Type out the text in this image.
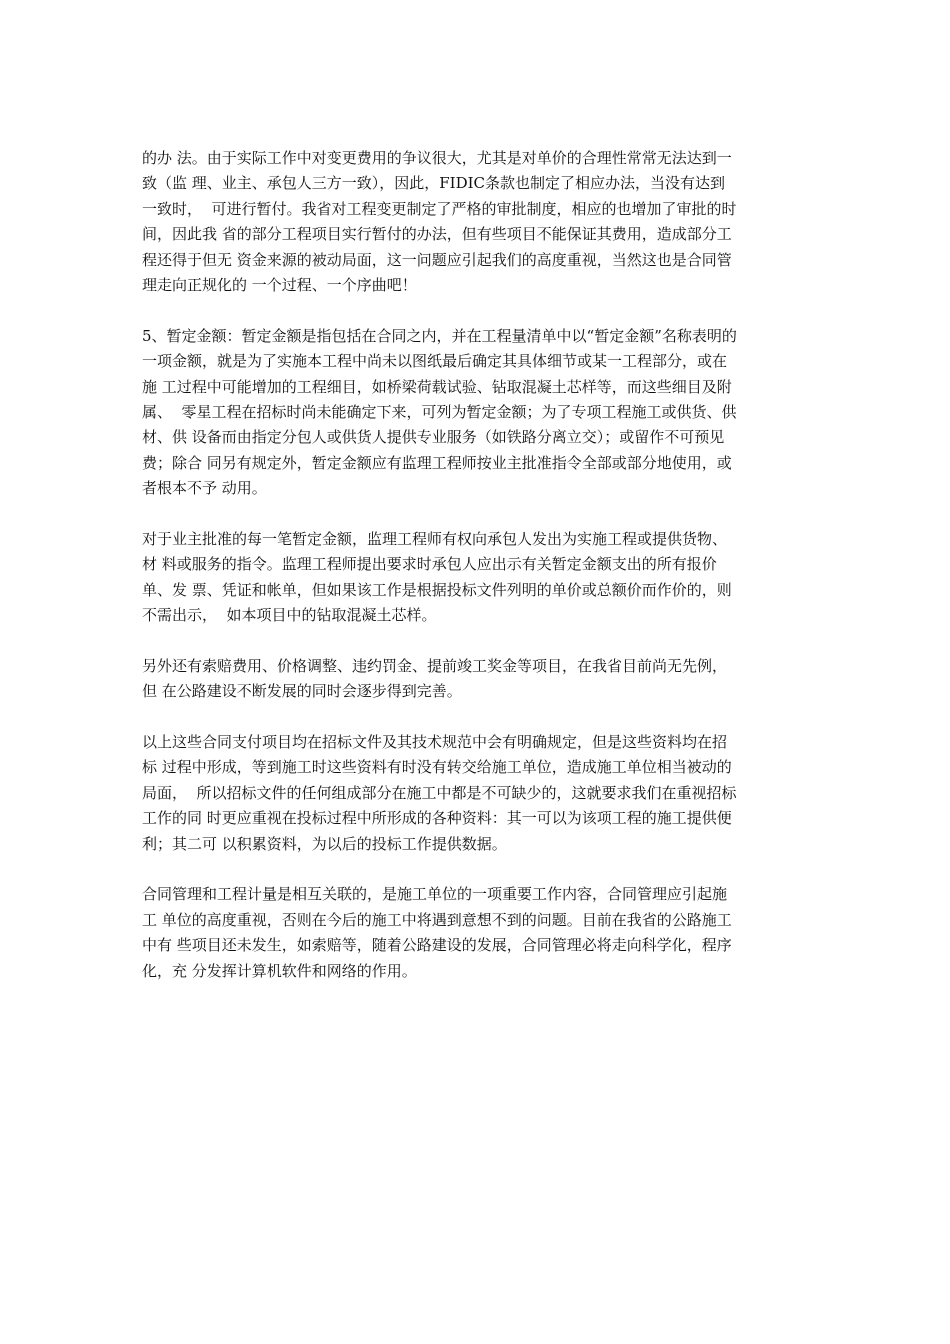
的办 法。由于实际工作中对变更费用的争议很大，尤其是对单价的合理性常常无法达到一
致（监 理、业主、承包人三方一致），因此，FIDIC条款也制定了相应办法，当没有达到
一致时，  可进行暂付。我省对工程变更制定了严格的审批制度，相应的也增加了审批的时
间，因此我 省的部分工程项目实行暂付的办法，但有些项目不能保证其费用，造成部分工
程还得于但无 资金来源的被动局面，这一问题应引起我们的高度重视，当然这也是合同管
理走向正规化的 一个过程、一个序曲吧！

5、暂定金额：暂定金额是指包括在合同之内，并在工程量清单中以“暂定金额”名称表明的
一项金额，就是为了实施本工程中尚未以图纸最后确定其具体细节或某一工程部分，或在
施 工过程中可能增加的工程细目，如桥梁荷载试验、钻取混凝土芯样等，而这些细目及附
属、  零星工程在招标时尚未能确定下来，可列为暂定金额；为了专项工程施工或供货、供
材、供 设备而由指定分包人或供货人提供专业服务（如铁路分离立交）；或留作不可预见
费；除合 同另有规定外，暂定金额应有监理工程师按业主批准指令全部或部分地使用，或
者根本不予 动用。

对于业主批准的每一笔暂定金额，监理工程师有权向承包人发出为实施工程或提供货物、
材 料或服务的指令。监理工程师提出要求时承包人应出示有关暂定金额支出的所有报价
单、发 票、凭证和帐单，但如果该工作是根据投标文件列明的单价或总额价而作价的，则
不需出示，  如本项目中的钻取混凝土芯样。

另外还有索赔费用、价格调整、违约罚金、提前竣工奖金等项目，在我省目前尚无先例，
但 在公路建设不断发展的同时会逐步得到完善。

以上这些合同支付项目均在招标文件及其技术规范中会有明确规定，但是这些资料均在招
标 过程中形成，等到施工时这些资料有时没有转交给施工单位，造成施工单位相当被动的
局面，  所以招标文件的任何组成部分在施工中都是不可缺少的，这就要求我们在重视招标
工作的同 时更应重视在投标过程中所形成的各种资料：其一可以为该项工程的施工提供便
利；其二可 以积累资料，为以后的投标工作提供数据。

合同管理和工程计量是相互关联的，是施工单位的一项重要工作内容，合同管理应引起施
工 单位的高度重视，否则在今后的施工中将遇到意想不到的问题。目前在我省的公路施工
中有 些项目还未发生，如索赔等，随着公路建设的发展，合同管理必将走向科学化，程序
化，充 分发挥计算机软件和网络的作用。
